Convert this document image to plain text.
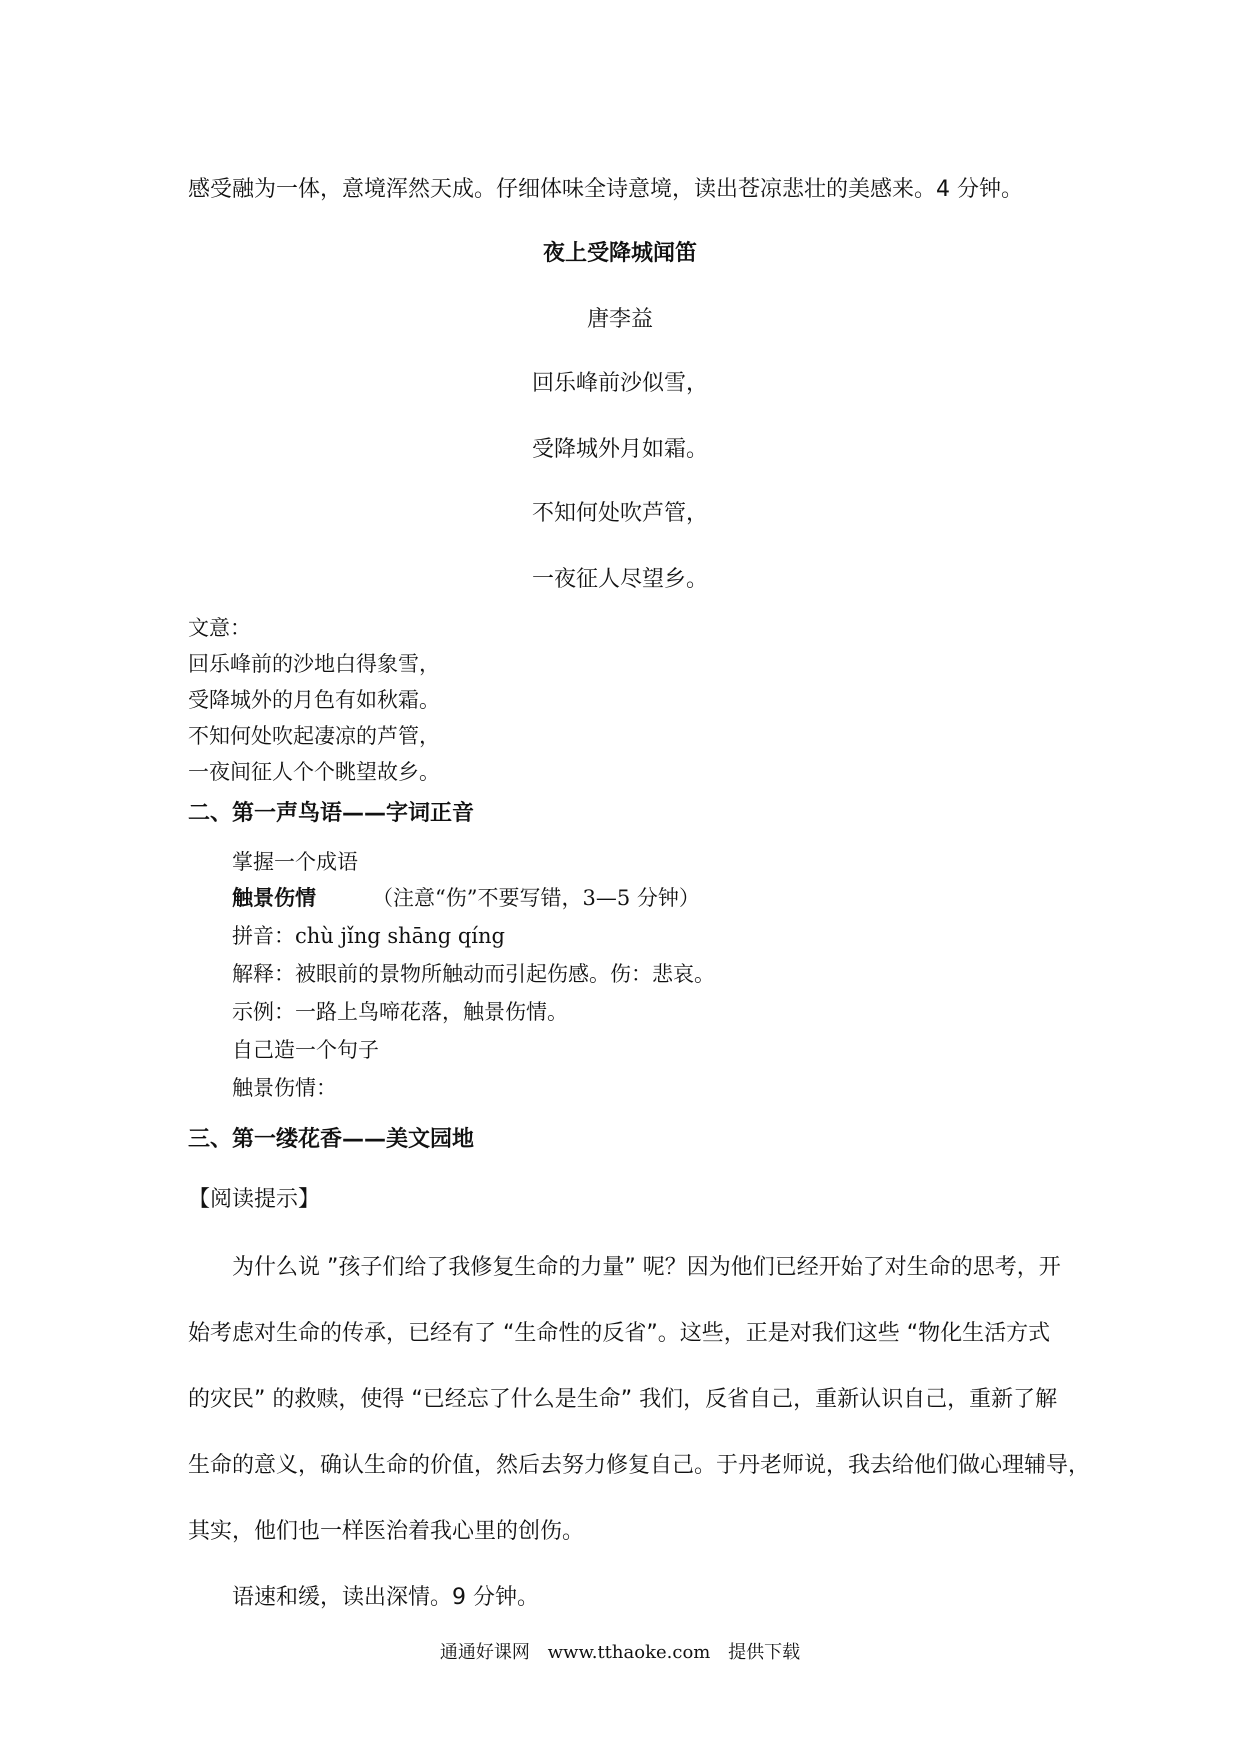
感受融为一体，意境浑然天成。仔细体味全诗意境，读出苍凉悲壮的美感来。4 分钟。
夜上受降城闻笛
唐李益
回乐峰前沙似雪，
受降城外月如霜。
不知何处吹芦管，
一夜征人尽望乡。
文意：
回乐峰前的沙地白得象雪，
受降城外的月色有如秋霜。
不知何处吹起凄凉的芦管，
一夜间征人个个眺望故乡。
二、第一声鸟语——字词正音
掌握一个成语
触景伤情	（注意“伤”不要写错，3—5 分钟）
拼音：chù jǐng shāng qíng
解释：被眼前的景物所触动而引起伤感。伤：悲哀。
示例：一路上鸟啼花落，触景伤情。
自己造一个句子
触景伤情：
三、第一缕花香——美文园地
【阅读提示】
为什么说 ”孩子们给了我修复生命的力量” 呢？因为他们已经开始了对生命的思考，开
始考虑对生命的传承，已经有了 “生命性的反省”。这些，正是对我们这些 “物化生活方式
的灾民” 的救赎，使得 “已经忘了什么是生命” 我们，反省自己，重新认识自己，重新了解
生命的意义，确认生命的价值，然后去努力修复自己。于丹老师说，我去给他们做心理辅导，
其实，他们也一样医治着我心里的创伤。
语速和缓，读出深情。9 分钟。
通通好课网 www.tthaoke.com 提供下载
